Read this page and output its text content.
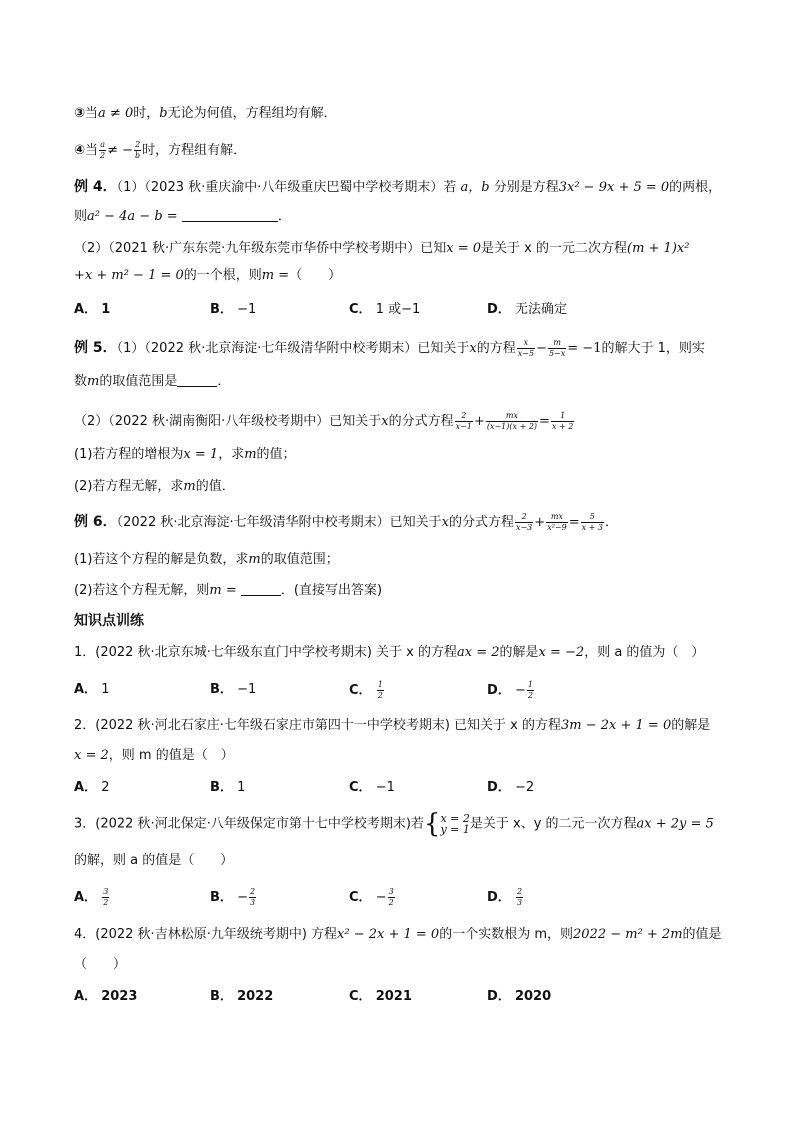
③当a ≠ 0时，b无论为何值，方程组均有解．
④当 $\frac{a}{2}$ ≠ − $\frac{2}{b}$ 时，方程组有解．
例 4．（1）（2023 秋·重庆渝中·八年级重庆巴蜀中学校考期末）若 a，b 分别是方程3x² − 9x + 5 = 0的两根，
则a² − 4a − b =	．
（2）（2021 秋·广东东莞·九年级东莞市华侨中学校考期中）已知x = 0是关于 x 的一元二次方程(m + 1)x²
+x + m² − 1 = 0的一个根，则m =（　　）
A． 1	B． −1	C． 1 或−1	D． 无法确定
例 5．（1）（2022 秋·北京海淀·七年级清华附中校考期末）已知关于x的方程 $\frac{x}{x-5} - \frac{m}{5-x} = -1$的解大于 1，则实
数m的取值范围是	．
（2）（2022 秋·湖南衡阳·八年级校考期中）已知关于x的分式方程 $\frac{2}{x-1} + \frac{mx}{(x-1)(x + 2)} = \frac{1}{x + 2}$
(1)若方程的增根为x = 1，求m的值；
(2)若方程无解，求m的值．
例 6．（2022 秋·北京海淀·七年级清华附中校考期末）已知关于x的分式方程 $\frac{2}{x-3} + \frac{mx}{\text{x²−9}} = \frac{5}{x + 3}$ ．
(1)若这个方程的解是负数，求m的取值范围；
(2)若这个方程无解，则m =	．(直接写出答案)
知识点训练
1．(2022 秋·北京东城·七年级东直门中学校考期末) 关于 x 的方程ax = 2的解是x = −2，则 a 的值为（　）
A． 1	B． −1	C． $\frac{1}{2}$	D． − $\frac{1}{2}$
2．(2022 秋·河北石家庄·七年级石家庄市第四十一中学校考期末) 已知关于 x 的方程3m − 2x + 1 = 0的解是
x = 2，则 m 的值是（　）
A． 2	B． 1	C． −1	D． −2
3．(2022 秋·河北保定·八年级保定市第十七中学校考期末)若{ x = 2
y = 1 是关于 x、y 的二元一次方程ax + 2y = 5
的解，则 a 的值是（　　）
A． $\frac{3}{2}$	B． − $\frac{2}{3}$	C． − $\frac{3}{2}$	D． $\frac{2}{3}$
4．(2022 秋·吉林松原·九年级统考期中) 方程x² − 2x + 1 = 0的一个实数根为 m，则2022 − m² + 2m的值是
（　　）
A． 2023	B． 2022	C． 2021	D． 2020
